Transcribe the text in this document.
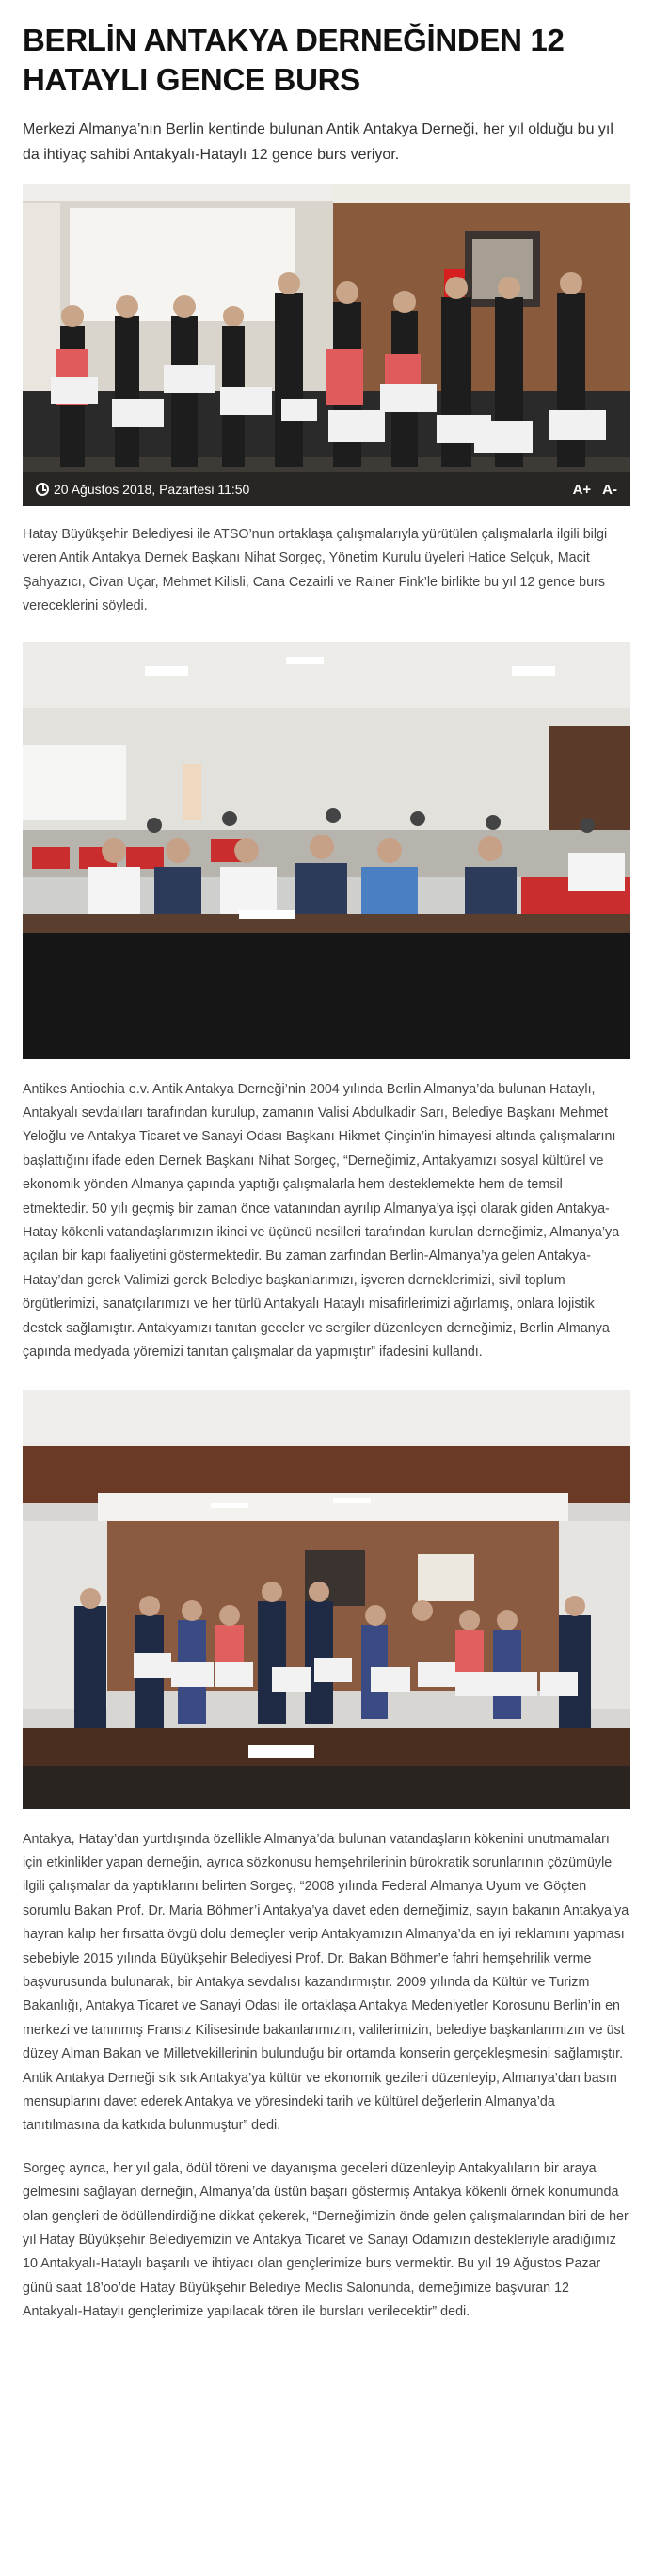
BERLİN ANTAKYA DERNEĞİNDEN 12 HATAYLI GENCE BURS

Merkezi Almanya’nın Berlin kentinde bulunan Antik Antakya Derneği, her yıl olduğu bu yıl da ihtiyaç sahibi Antakyalı-Hataylı 12 gence burs veriyor.

20 Ağustos 2018, Pazartesi 11:50	A+ A-

Hatay Büyükşehir Belediyesi ile ATSO’nun ortaklaşa çalışmalarıyla yürütülen çalışmalarla ilgili bilgi veren Antik Antakya Dernek Başkanı Nihat Sorgeç, Yönetim Kurulu üyeleri Hatice Selçuk, Macit Şahyazıcı, Civan Uçar, Mehmet Kilisli, Cana Cezairli ve Rainer Fink’le birlikte bu yıl 12 gence burs vereceklerini söyledi.

Antikes Antiochia e.v. Antik Antakya Derneği’nin 2004 yılında Berlin Almanya’da bulunan Hataylı, Antakyalı sevdalıları tarafından kurulup, zamanın Valisi Abdulkadir Sarı, Belediye Başkanı Mehmet Yeloğlu ve Antakya Ticaret ve Sanayi Odası Başkanı Hikmet Çinçin’in himayesi altında çalışmalarını başlattığını ifade eden Dernek Başkanı Nihat Sorgeç, “Derneğimiz, Antakyamızı sosyal kültürel ve ekonomik yönden Almanya çapında yaptığı çalışmalarla hem desteklemekte hem de temsil etmektedir. 50 yılı geçmiş bir zaman önce vatanından ayrılıp Almanya’ya işçi olarak giden Antakya-Hatay kökenli vatandaşlarımızın ikinci ve üçüncü nesilleri tarafından kurulan derneğimiz, Almanya’ya açılan bir kapı faaliyetini göstermektedir. Bu zaman zarfından Berlin-Almanya’ya gelen Antakya-Hatay’dan gerek Valimizi gerek Belediye başkanlarımızı, işveren derneklerimizi, sivil toplum örgütlerimizi, sanatçılarımızı ve her türlü Antakyalı Hataylı misafirlerimizi ağırlamış, onlara lojistik destek sağlamıştır. Antakyamızı tanıtan geceler ve sergiler düzenleyen derneğimiz, Berlin Almanya çapında medyada yöremizi tanıtan çalışmalar da yapmıştır” ifadesini kullandı.

Antakya, Hatay’dan yurtdışında özellikle Almanya’da bulunan vatandaşların kökenini unutmamaları için etkinlikler yapan derneğin, ayrıca sözkonusu hemşehrilerinin bürokratik sorunlarının çözümüyle ilgili çalışmalar da yaptıklarını belirten Sorgeç, “2008 yılında Federal Almanya Uyum ve Göçten sorumlu Bakan Prof. Dr. Maria Böhmer’i Antakya’ya davet eden derneğimiz, sayın bakanın Antakya’ya hayran kalıp her fırsatta övgü dolu demeçler verip Antakyamızın Almanya’da en iyi reklamını yapması sebebiyle 2015 yılında Büyükşehir Belediyesi Prof. Dr. Bakan Böhmer’e fahri hemşehrilik verme başvurusunda bulunarak, bir Antakya sevdalısı kazandırmıştır. 2009 yılında da Kültür ve Turizm Bakanlığı, Antakya Ticaret ve Sanayi Odası ile ortaklaşa Antakya Medeniyetler Korosunu Berlin’in en merkezi ve tanınmış Fransız Kilisesinde bakanlarımızın, valilerimizin, belediye başkanlarımızın ve üst düzey Alman Bakan ve Milletvekillerinin bulunduğu bir ortamda konserin gerçekleşmesini sağlamıştır. Antik Antakya Derneği sık sık Antakya’ya kültür ve ekonomik gezileri düzenleyip, Almanya’dan basın mensuplarını davet ederek Antakya ve yöresindeki tarih ve kültürel değerlerin Almanya’da tanıtılmasına da katkıda bulunmuştur” dedi.

Sorgeç ayrıca, her yıl gala, ödül töreni ve dayanışma geceleri düzenleyip Antakyalıların bir araya gelmesini sağlayan derneğin, Almanya’da üstün başarı göstermiş Antakya kökenli örnek konumunda olan gençleri de ödüllendirdiğine dikkat çekerek, “Derneğimizin önde gelen çalışmalarından biri de her yıl Hatay Büyükşehir Belediyemizin ve Antakya Ticaret ve Sanayi Odamızın destekleriyle aradığımız 10 Antakyalı-Hataylı başarılı ve ihtiyacı olan gençlerimize burs vermektir. Bu yıl 19 Ağustos Pazar günü saat 18’oo’de Hatay Büyükşehir Belediye Meclis Salonunda, derneğimize başvuran 12 Antakyalı-Hataylı gençlerimize yapılacak tören ile bursları verilecektir” dedi.
